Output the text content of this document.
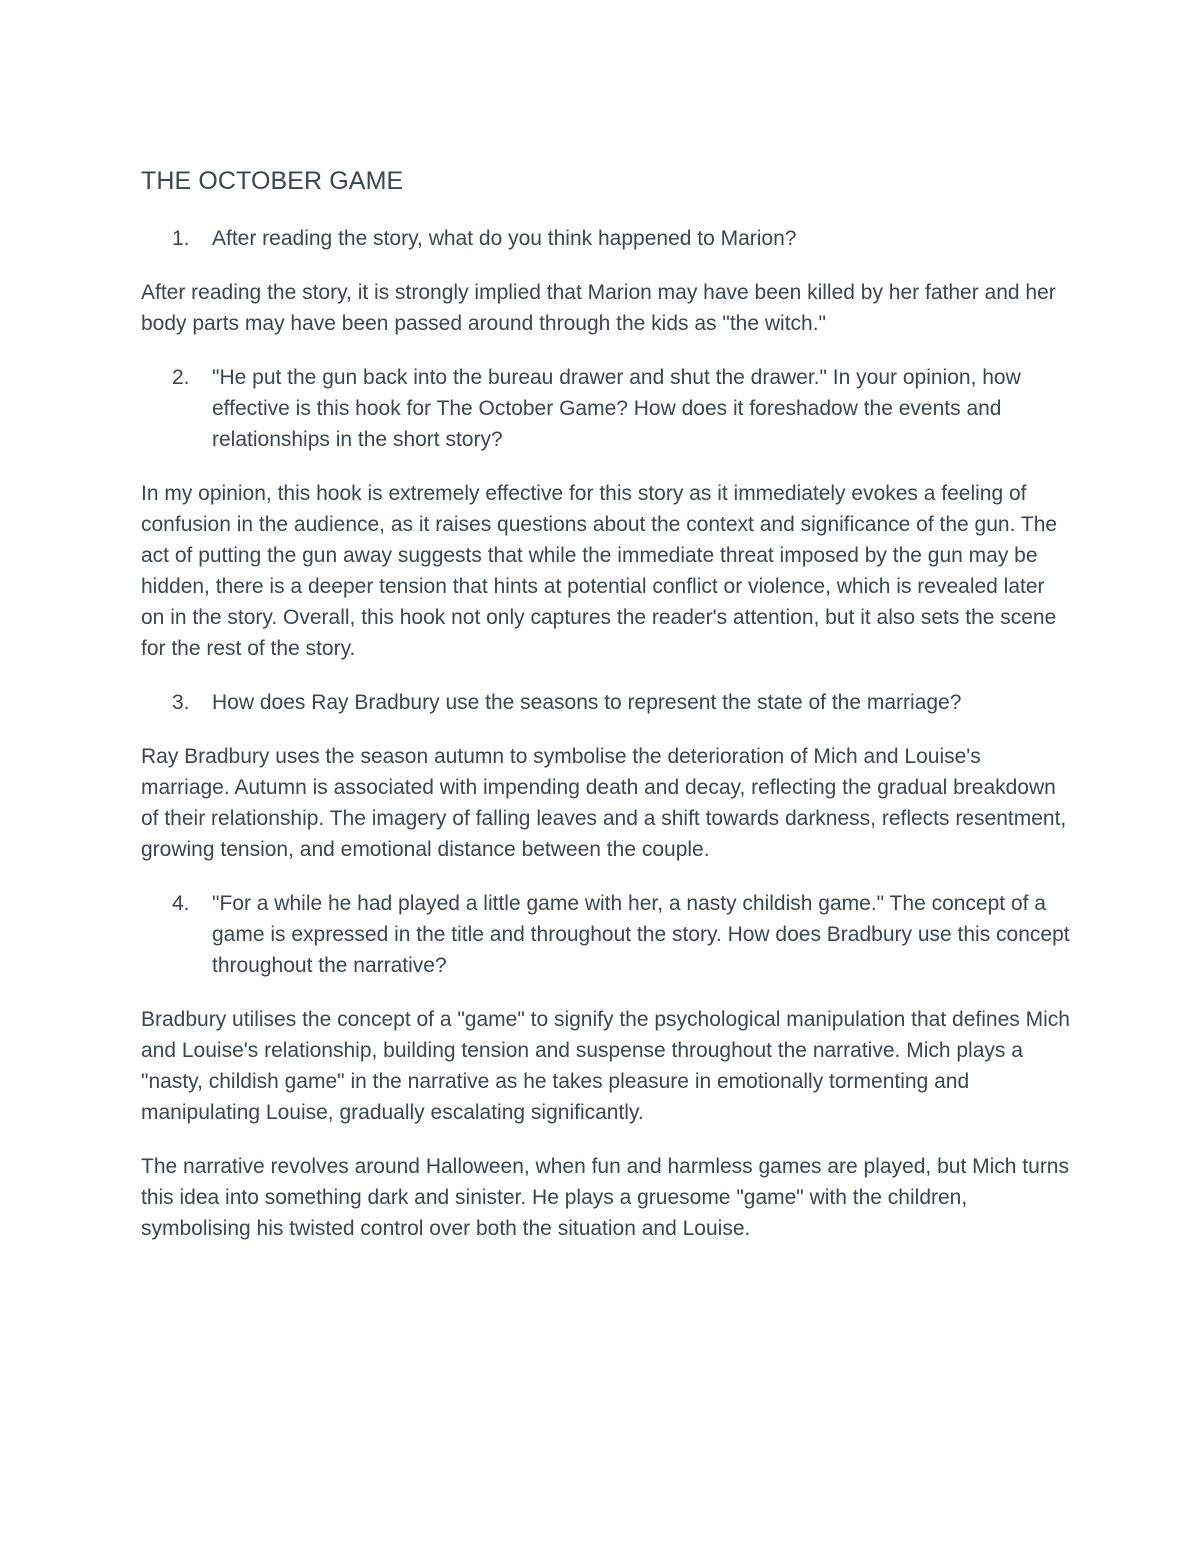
THE OCTOBER GAME
1.	After reading the story, what do you think happened to Marion?

After reading the story, it is strongly implied that Marion may have been killed by her father and her body parts may have been passed around through the kids as "the witch."

2.	"He put the gun back into the bureau drawer and shut the drawer." In your opinion, how effective is this hook for The October Game? How does it foreshadow the events and relationships in the short story?

In my opinion, this hook is extremely effective for this story as it immediately evokes a feeling of confusion in the audience, as it raises questions about the context and significance of the gun. The act of putting the gun away suggests that while the immediate threat imposed by the gun may be hidden, there is a deeper tension that hints at potential conflict or violence, which is revealed later on in the story. Overall, this hook not only captures the reader's attention, but it also sets the scene for the rest of the story.

3.	How does Ray Bradbury use the seasons to represent the state of the marriage?

Ray Bradbury uses the season autumn to symbolise the deterioration of Mich and Louise's marriage. Autumn is associated with impending death and decay, reflecting the gradual breakdown of their relationship. The imagery of falling leaves and a shift towards darkness, reflects resentment, growing tension, and emotional distance between the couple.

4.	"For a while he had played a little game with her, a nasty childish game." The concept of a game is expressed in the title and throughout the story. How does Bradbury use this concept throughout the narrative?

Bradbury utilises the concept of a "game" to signify the psychological manipulation that defines Mich and Louise's relationship, building tension and suspense throughout the narrative. Mich plays a "nasty, childish game" in the narrative as he takes pleasure in emotionally tormenting and manipulating Louise, gradually escalating significantly.

The narrative revolves around Halloween, when fun and harmless games are played, but Mich turns this idea into something dark and sinister. He plays a gruesome "game" with the children, symbolising his twisted control over both the situation and Louise.
